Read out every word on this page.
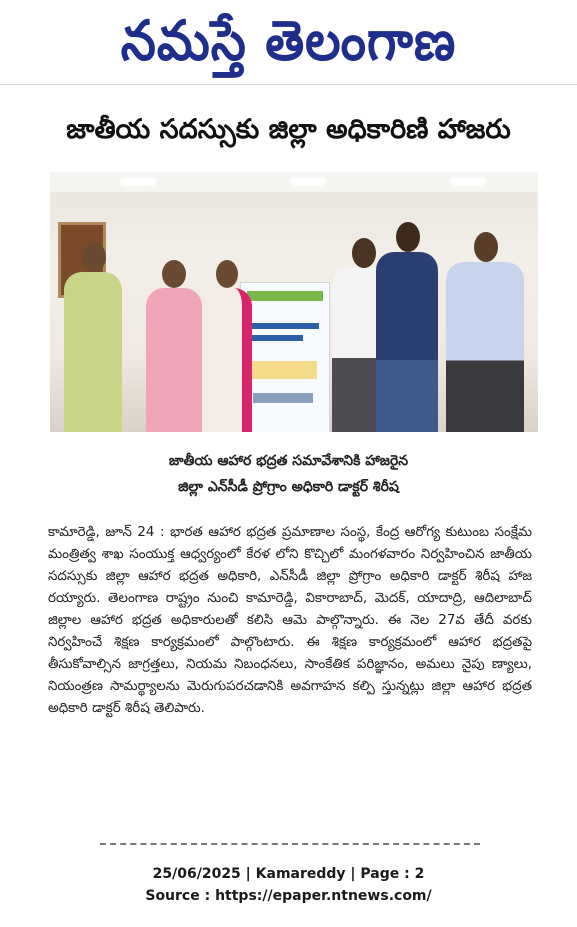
నమస్తే తెలంగాణ
జాతీయ సదస్సుకు జిల్లా అధికారిణి హాజరు
జాతీయ ఆహార భద్రత సమావేశానికి హాజరైన
జిల్లా ఎన్‌సీడీ ప్రోగ్రాం అధికారి డాక్టర్ శిరీష
కామారెడ్డి, జూన్ 24 : భారత ఆహార భద్రత ప్రమాణాల సంస్థ, కేంద్ర ఆరోగ్య కుటుంబ సంక్షేమ మంత్రిత్వ శాఖ సంయుక్త ఆధ్వర్యంలో కేరళ లోని కొచ్చిలో మంగళవారం నిర్వహించిన జాతీయ సదస్సుకు జిల్లా ఆహార భద్రత అధికారి, ఎన్‌సీడీ జిల్లా ప్రోగ్రాం అధికారి డాక్టర్ శిరీష హాజ రయ్యారు. తెలంగాణ రాష్ట్రం నుంచి కామారెడ్డి, వికారాబాద్, మెదక్, యాదాద్రి, ఆదిలాబాద్ జిల్లాల ఆహార భద్రత అధికారులతో కలిసి ఆమె పాల్గొన్నారు. ఈ నెల 27వ తేదీ వరకు నిర్వహించే శిక్షణ కార్యక్రమంలో పాల్గొంటారు. ఈ శిక్షణ కార్యక్రమంలో ఆహార భద్రతపై తీసుకోవాల్సిన జాగ్రత్తలు, నియమ నిబంధనలు, సాంకేతిక పరిజ్ఞానం, అమలు నైపు ణ్యాలు, నియంత్రణ సామర్థ్యాలను మెరుగుపరచడానికి అవగాహన కల్పి స్తున్నట్లు జిల్లా ఆహార భద్రత అధికారి డాక్టర్ శిరీష తెలిపారు.
25/06/2025 | Kamareddy | Page : 2
Source : https://epaper.ntnews.com/
